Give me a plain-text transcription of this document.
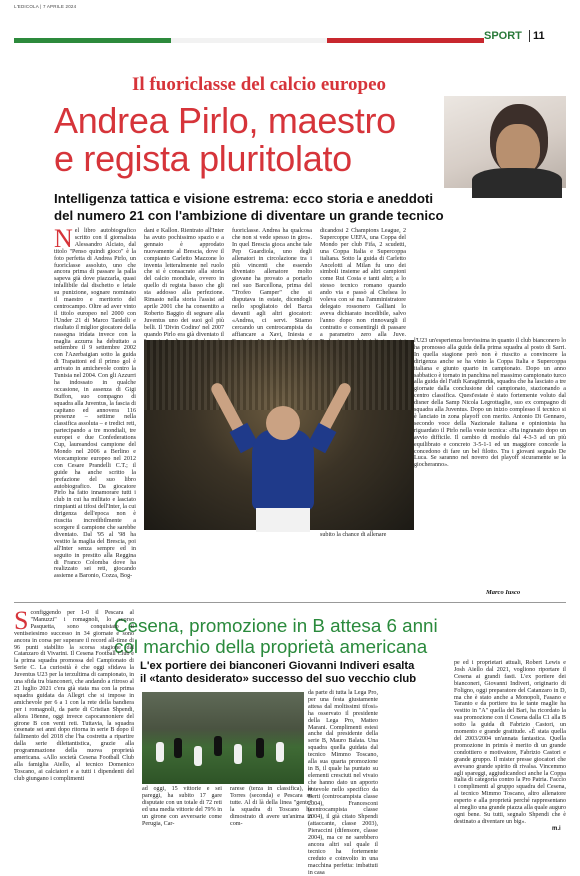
L'EDICOLA | 7 APRILE 2024
SPORT 11
Il fuoriclasse del calcio europeo
Andrea Pirlo, maestro
e regista pluritolato
Intelligenza tattica e visione estrema: ecco storia e aneddoti
del numero 21 con l'ambizione di diventare un grande tecnico
Nel libro autobiografico scritto con il giornalista Alessandro Alciato, dal titolo "Penso quindi gioco" è la foto perfetta di Andrea Pirlo, un fuoriclasse assoluto, uno che ancora prima di passare la palla sapeva già dove piazzarla, quasi infallibile dal dischetto e letale su punizione, sognare nominato il maestro e meritorio del centrocampo. Oltre ad aver vinto il titolo europeo nel 2000 con l'Under 21 di Marco Tardelli e risultato il miglior giocatore della rassegna iridata invece con la maglia azzurra ha debuttato a settembre il 9 settembre 2002 con l'Azerbaigian sotto la guida di Trapattoni ed il primo gol è arrivato in amichevole contro la Tunisia nel 2004. Con gli Azzurri ha indossato in qualche occasione, in assenza di Gigi Buffon, suo compagno di squadra alla Juventus, la fascia di capitano ed annovera 116 presenze – settime nella classifica assoluta – e tredici reti, partecipando a tre mondiali, tre europei e due Confederations Cup, laureandosi campione del Mondo nel 2006 a Berlino e vicecampione europeo nel 2012 con Cesare Prandelli C.T.; il guide ha anche scritto la prefazione del suo libro autobiografico. Da giocatore Pirlo ha fatto innamorare tutti i club in cui ha militato e lasciato rimpianti ai tifosi dell'Inter, la cui dirigenza dell'epoca non è riuscita incredibilmente a scorgere il campione che sarebbe diventato. Dal '95 al '98 ha vestito la maglia del Brescia, poi all'Inter senza sempre ed in seguito in prestito alla Reggina di Franco Colomba dove ha realizzato sei reti, giocando assieme a Baronio, Cozza, Bog-
dani e Kallon. Rientrato all'Inter ha avuto pochissimo spazio e a gennaio è approdato nuovamente al Brescia, dove il compianto Carletto Mazzone lo inventa letteralmente nel ruolo che si è consacrato alla storia del calcio mondiale, ovvero in quello di regista basso che gli sta addosso alla perfezione. Rimasto nella storia l'assist ad aprile 2001 che ha consentito a Roberto Baggio di segnare alla Juventus uno dei suoi gol più belli. Il 'Divin Codino' nel 2007 quando Pirlo era già diventato il
fuoriclasse. Andrea ha qualcosa che non si vede spesso in giro». In quel Brescia gioca anche tale Pep Guardiola, uno degli allenatori in circolazione tra i più vincenti che essendo diventato allenatore molto giovane ha provato a portarlo nel suo Barcellona, prima del "Trofeo Gamper" che si disputava in estate, dicendogli nello spogliatoio del Barca davanti agli altri giocatori: «Andrea, ci servi. Stiamo cercando un centrocampista da affiancare a Xavi, Iniesta e
dicandosi 2 Champions League, 2 Supercoppe UEFA, una Coppa del Mondo per club Fifa, 2 scudetti, una Coppa Italia e Supercoppa italiana. Sotto la guida di Carletto Ancelotti al Milan fu uno dei simboli insieme ad altri campioni come Rui Costa e tanti altri; a lo stesso tecnico romano quando ando via e passò al Chelsea lo voleva con sé ma l'amministratore delegato rossonero Galliani lo aveva dichiarato incedibile, salvo l'anno dopo non rinnovargli il contratto e consentirgli di passare a parametro zero alla Juve. subito la chance di allenare
l'U23 un'esperienza brevissima in quanto il club bianconero lo ha promosso alla guida della prima squadra al posto di Sarri. In quella stagione però non è riuscito a convincere la dirigenza anche se ha vinto la Coppa Italia e Supercoppa italiana e giunto quarto in campionato. Dopo un anno sabbatico è tornato in panchina nel massimo campionato turco alla guida del Fatih Karagümrük, squadra che ha lasciato a tre giornate dalla conclusione del campionato, stazionando a centro classifica. Quest'estate è stato fortemente voluto dal disner della Samp Nicola Legrottaglie, suo ex compagno di squadra alla Juventus. Dopo un inizio complesso il tecnico si è lanciato in zona playoff con merito. Antonio Di Gennaro, secondo voce della Nazionale italiana e opinionista ha riguardato il Pirlo nella veste tecnica: «Ha ingranato dopo un avvio difficile. Il cambio di modulo dal 4-3-3 ad un più equilibrato e concreto 3-5-1-1 ed un maggiore concede la concedono di fare un bel filotto. Tra i giovani segnalo De Luca. Se saranno nel novero dei playoff sicuramente se la giocheranno».
Marco Iusco
Cesena, promozione in B attesa 6 anni
col marchio della proprietà americana
L'ex portiere dei bianconeri Giovanni Indiveri esalta
il «tanto desiderato» successo del suo vecchio club
Sconfiggendo per 1-0 il Pescara al "Manuzzi" i romagnoli, lo scorso Pasquetta, sono conquistato il ventiseiesimo successo in 34 giornate e sono ancora in corsa per superare il record all-time di 96 punti stabilito la scorsa stagione dal Catanzaro di Vivarini. Il Cesena Football Club è la prima squadra promossa del Campionato di Serie C. La curiosità è che oggi sfidava la Juventus U23 per la terzultima di campionato, in una sfida tra bianconeri, che andando a ritroso al 21 luglio 2021 c'era già stata ma con la prima squadra guidata da Allegri che si impose in amichevole per 6 a 1 con la rete della bandiera per i romagnoli, da parte di Cristian Shpendi, allora 18enne, oggi invece capocannoniere del girone B con venti reti. Tuttavia, la squadra cesenate sei anni dopo ritorna in serie B dopo il fallimento del 2018 che l'ha costretta a ripartire dalla serie dilettantistica, grazie alla programmazione della nuova proprietà americana. «Allo società Cesena Football Club alla famiglia Aiello, al tecnico Domenico Toscano, ai calciatori e a tutti i dipendenti del club giungano i complimenti
da parte di tutta la Lega Pro, per una festa giustamente attesa dal moltissimi tifosi» ha osservato il presidente della Lega Pro, Matteo Marani. Complimenti estesi anche dal presidente della serie B, Mauro Balata. Una squadra quella guidata dal tecnico Mimmo Toscano, alla sua quarta promozione in B, il quale ha puntato su elementi cresciuti nel vivaio che hanno dato un apporto notevole nello specifico da Berti (centrocampista classe 2004), Francesconi (centrocampista classe 2004), il già citato Shpendi (attaccante, classe 2003), Pieraccini (difensore, classe 2004), ma ce ne sarebbero ancora altri sul quale il tecnico ha fortemente creduto e coinvolto in una macchina perfetta: imbattuti in casa
ad oggi, 15 vittorie e sei pareggi, ha subito 17 gare disputate con un totale di 72 reti ed una media vittorie del 79% in un girone con avversarie come Perugia, Car-
rarese (terza in classifica), la Torres (seconda) e Pescara su tutte. Al di là della linea "gente" la squadra di Toscano ha dimostrato di avere un'anima in com-
pe ed i proprietari attuali, Robert Lewis e Josh Aiello dal 2021, vogliono riportare il Cesena ai grandi fasti. L'ex portiere dei bianconeri, Giovanni Indiveri, originario di Foligno, oggi preparatore del Catanzaro in D, ma che è stato anche a Monopoli, Fasano e Taranto e da portiere tra le tante maglie ha vestito in "A" quella del Bari, ha ricordato la sua promozione con il Cesena dalla C1 alla B sotto la guida di Fabrizio Castori, un momento e grande gratitude. «È stata quella del 2003/2004 un'annata fantastica. Quella promozione in primis è merito di un grande condottiero e motivatore, Fabrizio Castori e grande gruppo. Il mister presse giocatori che avevano grande spirito di rivalsa. Vincemmo agli spareggi, aggiudicandoci anche la Coppa Italia di categoria contro la Pro Patria. Faccio i complimenti al gruppo squadra del Cesena, al tecnico Mimmo Toscano, altro allenatore esperto e alla proprietà perché rappresentano al meglio una grande piazza alla quale auguro ogni bene. Su tutti, segnalo Shpendi che è destinato a diventare un big».
m.i
